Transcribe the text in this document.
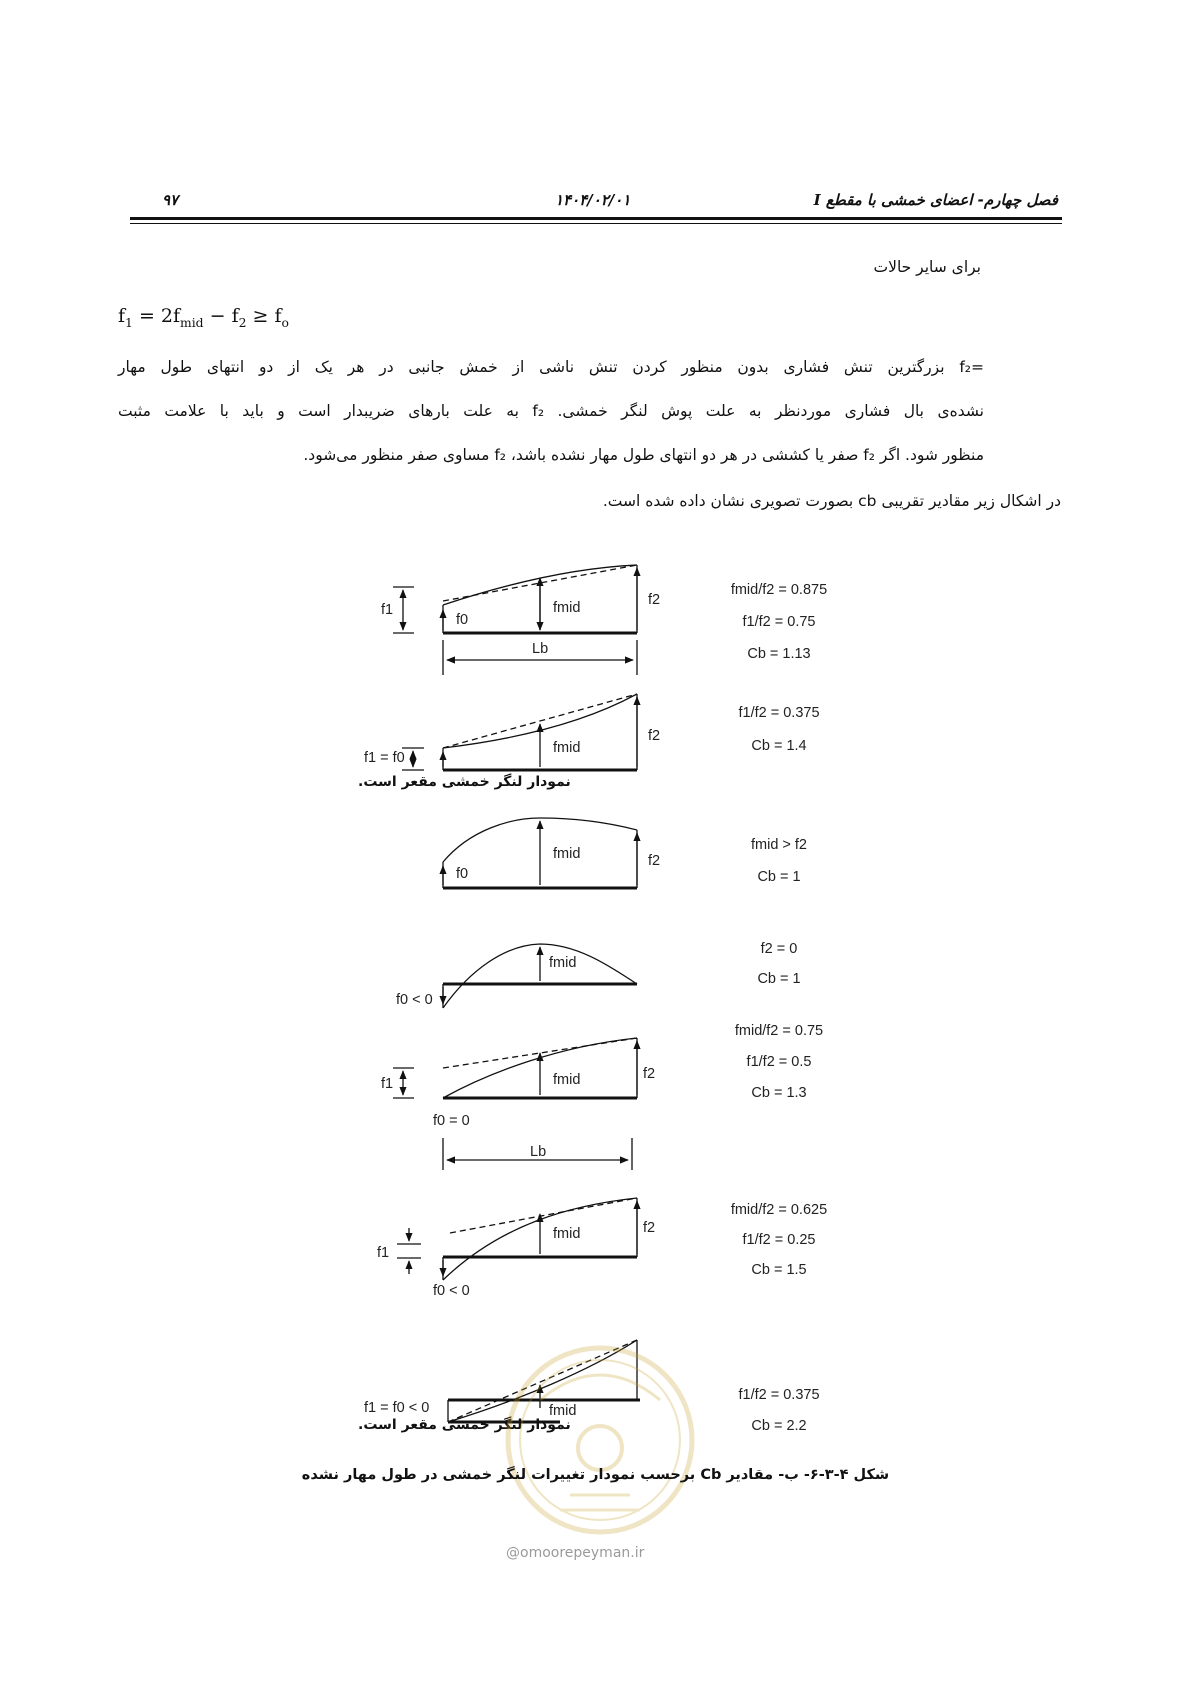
۹۷	۱۴۰۴/۰۲/۰۱	فصل چهارم- اعضای خمشی با مقطع I
برای سایر حالات
$f_1 = 2f_{mid} - f_2 \ge f_o$
=f₂ بزرگترین تنش فشاری بدون منظور کردن تنش ناشی از خمش جانبی در هر یک از دو انتهای طول مهار
نشده‌ی بال فشاری موردنظر به علت پوش لنگر خمشی. f₂ به علت بارهای ضریبدار است و باید با علامت مثبت
منظور شود. اگر f₂ صفر یا کششی در هر دو انتهای طول مهار نشده باشد، f₂ مساوی صفر منظور می‌شود.
در اشکال زیر مقادیر تقریبی cb بصورت تصویری نشان داده شده است.
f1
f0
fmid	f2
Lb
f1 = f0
fmid
f2
نمودار لنگر خمشی مقعر است.
f0
fmid	f2
f0 < 0
fmid
f1	fmid	f2
f0 = 0
Lb
f1
fmid	f2
f0 < 0
f1 = f0 < 0	fmid
نمودار لنگر خمشی مقعر است.
fmid/f2 = 0.875
f1/f2 = 0.75
Cb = 1.13
f1/f2 = 0.375
Cb = 1.4
fmid > f2
Cb = 1
f2 = 0
Cb = 1
fmid/f2 = 0.75
f1/f2 = 0.5
Cb = 1.3
fmid/f2 = 0.625
f1/f2 = 0.25
Cb = 1.5
f1/f2 = 0.375
Cb = 2.2
@omoorepeyman.ir
شکل ۴-۳-۶- ب- مقادیر Cb برحسب نمودار تغییرات لنگر خمشی در طول مهار نشده
